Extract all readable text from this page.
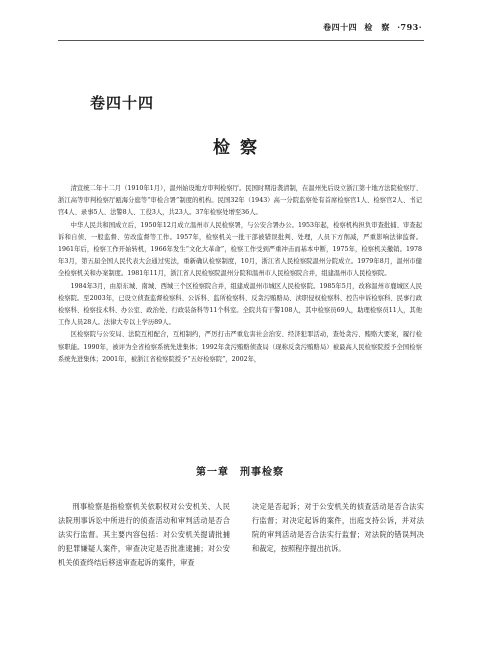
卷四十四 检　察 ·793·
卷四十四
检察

清宣统二年十二月（1910年1月），温州始设地方审判检察厅。民国时期沿袭清制，在温州先后设立浙江第十地方法院检察厅、浙江高等审判检察厅瓯海分庭等“审检合署”制度的机构。民国32年（1943）高一分院监察处有首席检察官1人、检察官2人、书记官4人、录事5人、法警8人、工役3人，共23人。37年检察处增至36人。

中华人民共和国成立后，1950年12月成立温州市人民检察署，与公安合署办公。1953年起，检察机构担负审查批捕、审查起诉和自侦、一般监督、劳改监督等工作。1957年，检察机关一批干部被错误批判、处理，人员下方削减，严重影响法律监督。1961年后，检察工作开始转机，1966年发生“文化大革命”，检察工作受到严重冲击而基本中断，1975年，检察机关撤销。1978年3月，第五届全国人民代表大会通过宪法，重新确认检察制度，10月，浙江省人民检察院温州分院成立。1979年8月，温州市健全检察机关和办案制度。1981年11月，浙江省人民检察院温州分院和温州市人民检察院合并，组建温州市人民检察院。

1984年3月，由原东城、南城、西城三个区检察院合并，组建成温州市城区人民检察院。1985年5月，改称温州市鹿城区人民检察院。至2003年，已设立侦查监督检察科、公诉科、监所检察科、反贪污贿赂局、渎职侵权检察科、控告申诉检察科、民事行政检察科、检察技术科、办公室、政治处、行政装备科等11个科室。全院共有干警108人，其中检察员69人，助理检察员11人，其他工作人员28人。法律大专以上学历89人。

区检察院与公安局、法院互相配合，互相制约，严厉打击严重危害社会治安、经济犯罪活动，查处贪污、贿赂大要案，履行检察职能。1990年，被评为全省检察系统先进集体；1992年贪污贿赂侦查局（现称反贪污贿赂局）被最高人民检察院授予全国检察系统先进集体；2001年，被浙江省检察院授予“五好检察院”，2002年，

第一章　刑事检察

刑事检察是指检察机关依职权对公安机关、人民法院刑事诉讼中所进行的侦查活动和审判活动是否合法实行监督。其主要内容包括：对公安机关提请批捕的犯罪嫌疑人案件，审查决定是否批准逮捕；对公安机关侦查终结后移送审查起诉的案件，审查

决定是否起诉；对于公安机关的侦查活动是否合法实行监督；对决定起诉的案件，出庭支持公诉，并对法院的审判活动是否合法实行监督；对法院的错误判决和裁定，按照程序提出抗诉。
